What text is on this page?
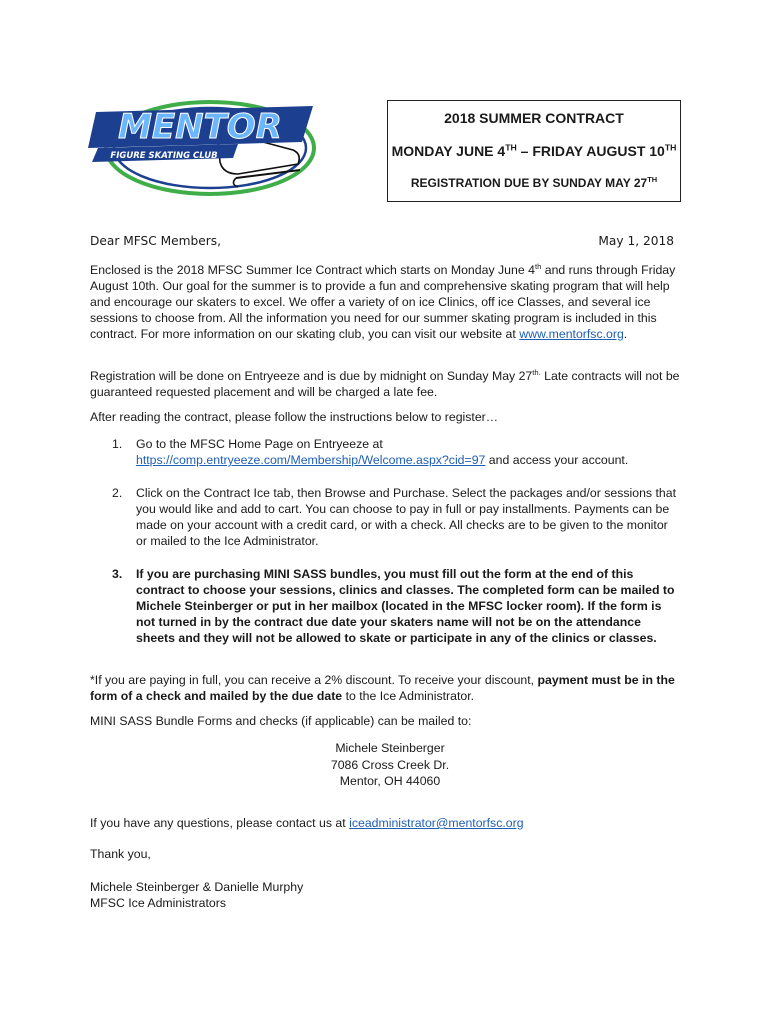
MENTOR
FIGURE SKATING CLUB
2018 SUMMER CONTRACT
MONDAY JUNE 4TH – FRIDAY AUGUST 10TH
REGISTRATION DUE BY SUNDAY MAY 27TH
Dear MFSC Members,	May 1, 2018

Enclosed is the 2018 MFSC Summer Ice Contract which starts on Monday June 4th and runs through Friday August 10th. Our goal for the summer is to provide a fun and comprehensive skating program that will help and encourage our skaters to excel. We offer a variety of on ice Clinics, off ice Classes, and several ice sessions to choose from. All the information you need for our summer skating program is included in this contract. For more information on our skating club, you can visit our website at www.mentorfsc.org.

Registration will be done on Entryeeze and is due by midnight on Sunday May $27^{th.}$ Late contracts will not be guaranteed requested placement and will be charged a late fee.

After reading the contract, please follow the instructions below to register…

1. Go to the MFSC Home Page on Entryeeze at https://comp.entryeeze.com/Membership/Welcome.aspx?cid=97 and access your account.
2. Click on the Contract Ice tab, then Browse and Purchase. Select the packages and/or sessions that you would like and add to cart. You can choose to pay in full or pay installments. Payments can be made on your account with a credit card, or with a check. All checks are to be given to the monitor or mailed to the Ice Administrator.
3. If you are purchasing MINI SASS bundles, you must fill out the form at the end of this contract to choose your sessions, clinics and classes. The completed form can be mailed to Michele Steinberger or put in her mailbox (located in the MFSC locker room). If the form is not turned in by the contract due date your skaters name will not be on the attendance sheets and they will not be allowed to skate or participate in any of the clinics or classes.

*If you are paying in full, you can receive a 2% discount. To receive your discount, payment must be in the form of a check and mailed by the due date to the Ice Administrator.

MINI SASS Bundle Forms and checks (if applicable) can be mailed to:

Michele Steinberger
7086 Cross Creek Dr.
Mentor, OH 44060

If you have any questions, please contact us at iceadministrator@mentorfsc.org

Thank you,

Michele Steinberger & Danielle Murphy

MFSC Ice Administrators
